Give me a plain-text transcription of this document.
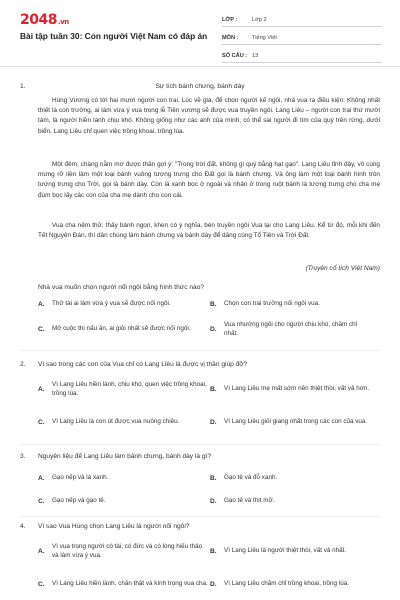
2048.vn
Bài tập tuần 30: Con người Việt Nam có đáp án
LỚP :	Lớp 2
MÔN :	Tiếng Việt
SỐ CÂU : 13
1.	Sự tích bánh chưng, bánh dày
Hùng Vương có tới hai mươi người con trai. Lúc về già, để chọn người kế ngôi, nhà vua ra điều kiện: Không nhất thiết là con trưởng, ai làm vừa ý vua trong lễ Tiên vương sẽ được vua truyền ngôi. Lang Liêu – người con trai thứ mười tám, là người hiền lành chịu khó. Không giống như các anh của mình, có thể sai người đi tìm của quý trên rừng, dưới biển, Lang Liêu chỉ quen việc trồng khoai, trồng lúa.
Một đêm, chàng nằm mơ được thần gợi ý: "Trong trời đất, không gì quý bằng hạt gạo". Lang Liêu tỉnh dậy, vô cùng mừng rỡ liền làm một loại bánh vuông tượng trưng cho Đất gọi là bánh chưng. Và ông làm một loại bánh hình tròn tượng trưng cho Trời, gọi là bánh dày. Còn lá xanh bọc ở ngoài và nhân ở trong ruột bánh là tượng trưng cho cha mẹ đùm bọc lấy các con của cha mẹ dành cho con cái.
Vua cha nếm thử, thấy bánh ngon, khen có ý nghĩa, bèn truyền ngôi Vua lại cho Lang Liêu. Kể từ đó, mỗi khi đến Tết Nguyên Đán, thì dân chúng làm bánh chưng và bánh dày để dâng cúng Tổ Tiên và Trời Đất.
(Truyện cổ tích Việt Nam)
Nhà vua muốn chọn người nối ngôi bằng hình thức nào?
A.	Thử tài ai làm vừa ý vua sẽ được nối ngôi.	B.	Chọn con trai trưởng nối ngôi vua.
C.	Mở cuộc thi nấu ăn, ai giỏi nhất sẽ được nối ngôi.	D.
Vua nhường ngôi cho người chịu khó, chăm chỉ nhất.
2. Vì sao trong các con của Vua chỉ có Lang Liêu là được vị thần giúp đỡ?
A.
Vì Lang Liêu hiền lành, chịu khó, quen việc trồng khoai, trồng lúa.
B.	Vì Lang Liêu mẹ mất sớm nên thiệt thòi, vất vả hơn.
C.	Vì Lang Liêu là con út được vua nuông chiều.	D.	Vì Lang Liêu giỏi giang nhất trong các con của vua.
3. Nguyên liệu để Lang Liêu làm bánh chưng, bánh dày là gì?
A.	Gạo nếp và lá xanh.	B.	Gạo tẻ và đỗ xanh.
C.	Gạo nếp và gạo tẻ.	D.	Gạo tẻ và thịt mỡ.
4. Vì sao Vua Hùng chọn Lang Liêu là người nối ngôi?
A.
Vì vua trọng người có tài, có đức và có lòng hiếu thảo và làm vừa ý vua.
B.	Vì Lang Liêu là người thiệt thòi, vất vả nhất.
C.	Vì Lang Liêu hiền lành, chăn thật và kính trọng vua cha. D.	Vì Lang Liêu chăm chỉ trồng khoai, trồng lúa.
